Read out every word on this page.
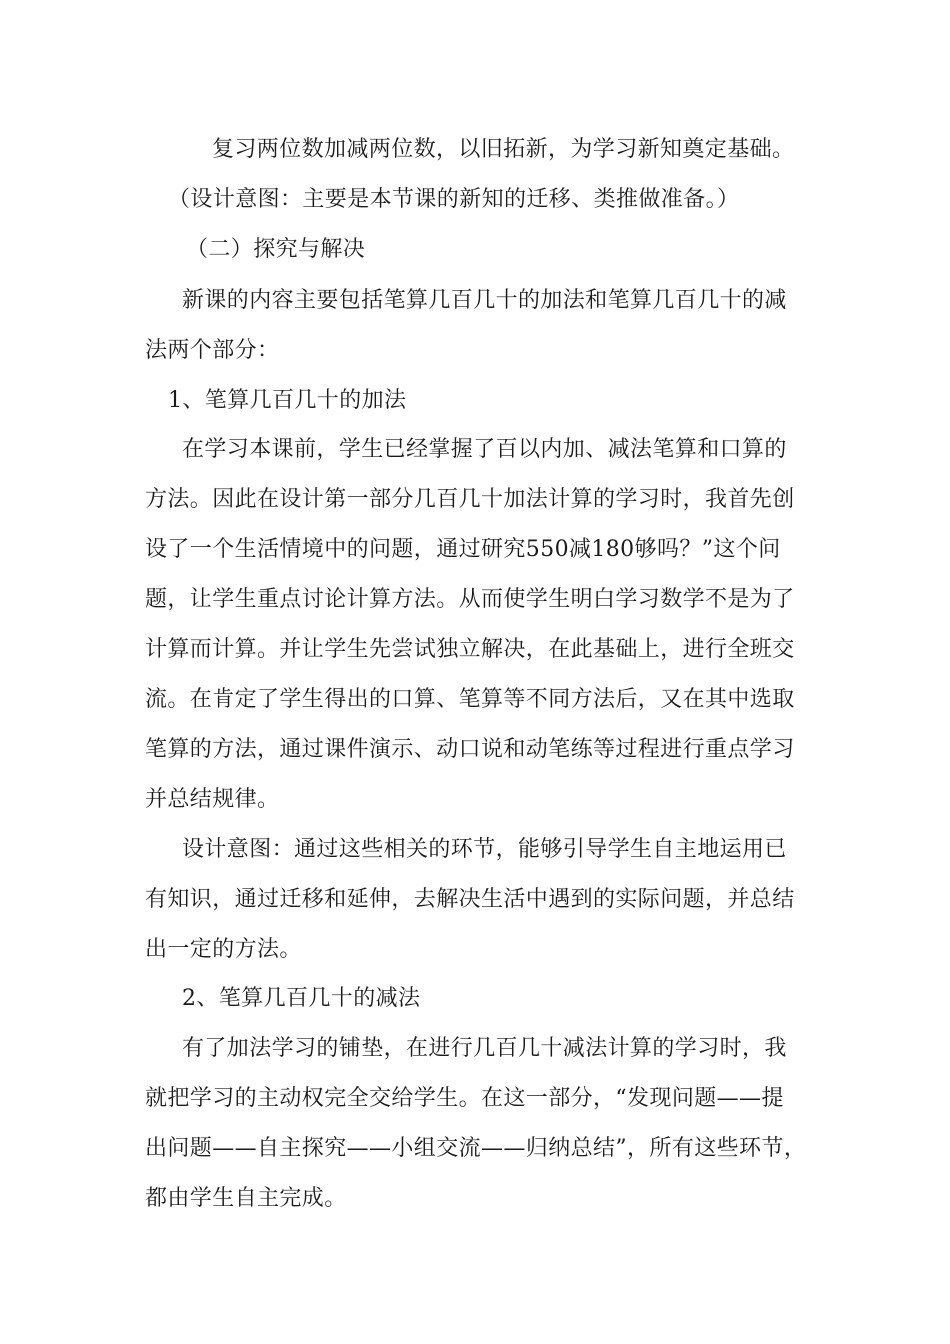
复习两位数加减两位数，以旧拓新，为学习新知奠定基础。
（设计意图：主要是本节课的新知的迁移、类推做准备。）
（二）探究与解决
新课的内容主要包括笔算几百几十的加法和笔算几百几十的减
法两个部分：
1、笔算几百几十的加法
在学习本课前，学生已经掌握了百以内加、减法笔算和口算的
方法。因此在设计第一部分几百几十加法计算的学习时，我首先创
设了一个生活情境中的问题，通过研究550减180够吗？”这个问
题，让学生重点讨论计算方法。从而使学生明白学习数学不是为了
计算而计算。并让学生先尝试独立解决，在此基础上，进行全班交
流。在肯定了学生得出的口算、笔算等不同方法后，又在其中选取
笔算的方法，通过课件演示、动口说和动笔练等过程进行重点学习
并总结规律。
设计意图：通过这些相关的环节，能够引导学生自主地运用已
有知识，通过迁移和延伸，去解决生活中遇到的实际问题，并总结
出一定的方法。
2、笔算几百几十的减法
有了加法学习的铺垫，在进行几百几十减法计算的学习时，我
就把学习的主动权完全交给学生。在这一部分，“发现问题——提
出问题——自主探究——小组交流——归纳总结”，所有这些环节，
都由学生自主完成。
